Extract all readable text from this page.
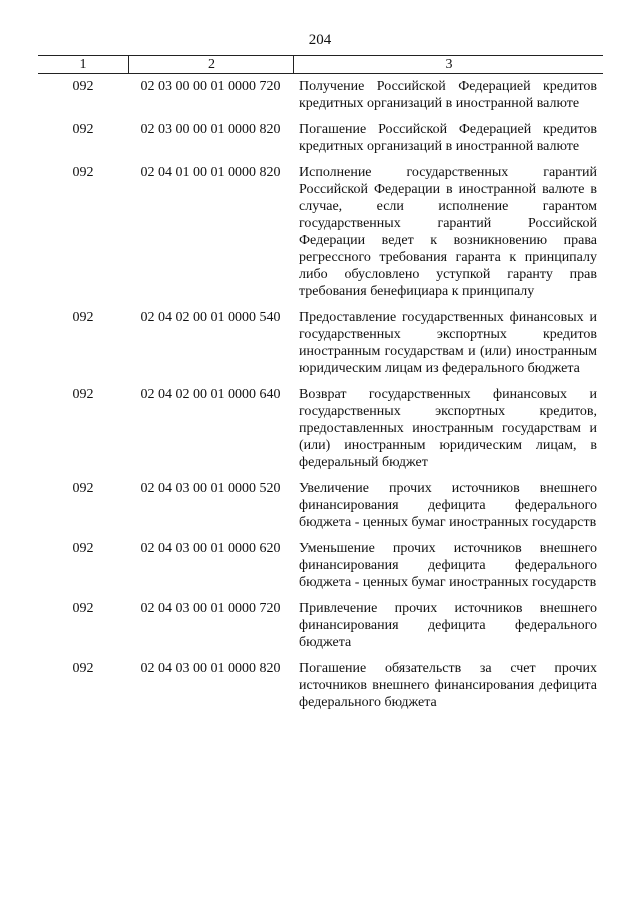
204
1	2	3
092	02 03 00 00 01 0000 720	Получение Российской Федерацией кредитов кредитных организаций в иностранной валюте
092	02 03 00 00 01 0000 820	Погашение Российской Федерацией кредитов кредитных организаций в иностранной валюте
092	02 04 01 00 01 0000 820	Исполнение государственных гарантий Российской Федерации в иностранной валюте в случае, если исполнение гарантом государственных гарантий Российской Федерации ведет к возникновению права регрессного требования гаранта к принципалу либо обусловлено уступкой гаранту прав требования бенефициара к принципалу
092	02 04 02 00 01 0000 540	Предоставление государственных финансовых и государственных экспортных кредитов иностранным государствам и (или) иностранным юридическим лицам из федерального бюджета
092	02 04 02 00 01 0000 640	Возврат государственных финансовых и государственных экспортных кредитов, предоставленных иностранным государствам и (или) иностранным юридическим лицам, в федеральный бюджет
092	02 04 03 00 01 0000 520	Увеличение прочих источников внешнего финансирования дефицита федерального бюджета - ценных бумаг иностранных государств
092	02 04 03 00 01 0000 620	Уменьшение прочих источников внешнего финансирования дефицита федерального бюджета - ценных бумаг иностранных государств
092	02 04 03 00 01 0000 720	Привлечение прочих источников внешнего финансирования дефицита федерального бюджета
092	02 04 03 00 01 0000 820	Погашение обязательств за счет прочих источников внешнего финансирования дефицита федерального бюджета
